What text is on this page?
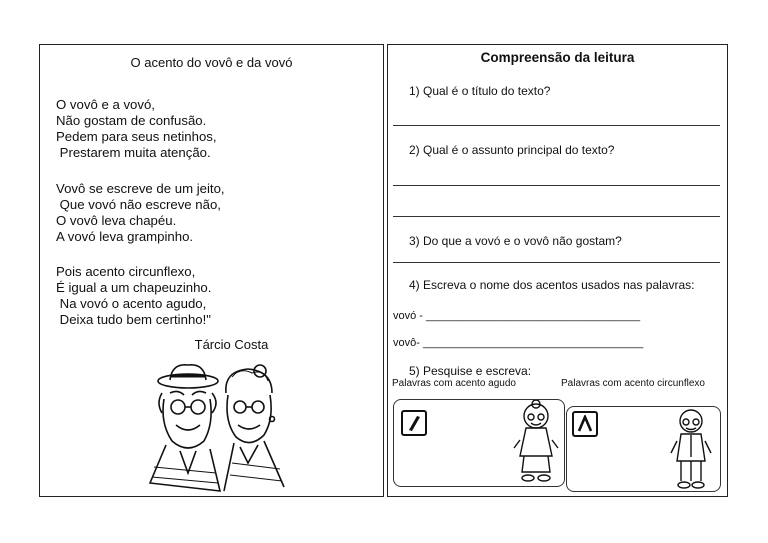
O acento do vovô e da vovó
O vovô e a vovó,
Não gostam de confusão.
Pedem para seus netinhos,
Prestarem muita atenção.
Vovô se escreve de um jeito,
Que vovó não escreve não,
O vovô leva chapéu.
A vovó leva grampinho.
Pois acento circunflexo,
É igual a um chapeuzinho.
Na vovó o acento agudo,
Deixa tudo bem certinho!"
Tárcio Costa
Compreensão da leitura
1) Qual é o título do texto?
2) Qual é o assunto principal do texto?
3) Do que a vovó e o vovô não gostam?
4) Escreva o nome dos acentos usados nas palavras:
vovó - ___________________________________
vovô- ____________________________________
5) Pesquise e escreva:
Palavras com acento agudo	Palavras com acento circunflexo
